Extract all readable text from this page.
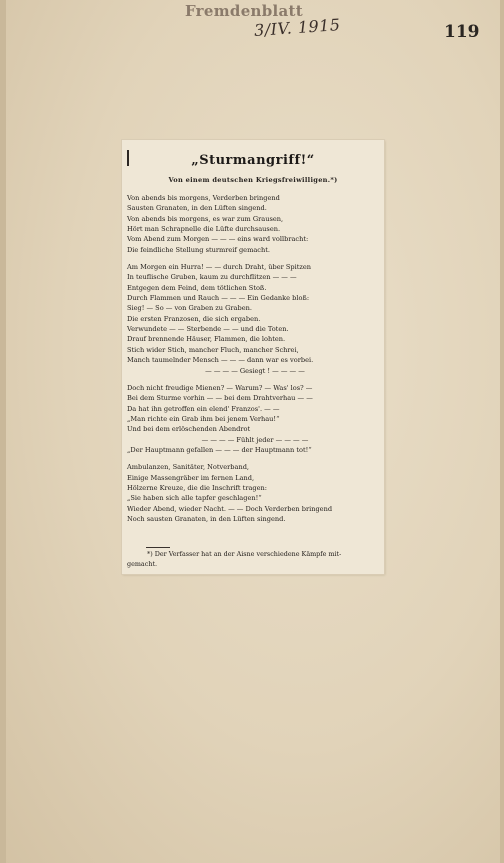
Fremdenblatt
3/IV. 1915	119
„Sturmangriff!“
Von einem deutschen Kriegsfreiwilligen.*)
Von abends bis morgens, Verderben bringend
Sausten Granaten, in den Lüften singend.
Von abends bis morgens, es war zum Grausen,
Hört man Schrapnelle die Lüfte durchsausen.
Vom Abend zum Morgen — — — eins ward vollbracht:
Die feindliche Stellung sturmreif gemacht.
Am Morgen ein Hurra! — — durch Draht, über Spitzen
In teuflische Gruben, kaum zu durchflitzen — — —
Entgegen dem Feind, dem tötlichen Stoß.
Durch Flammen und Rauch — — — Ein Gedanke bloß:
Sieg! — So — von Graben zu Graben.
Die ersten Franzosen, die sich ergaben.
Verwundete — — Sterbende — — und die Toten.
Drauf brennende Häuser, Flammen, die lohten.
Stich wider Stich, mancher Fluch, mancher Schrei,
Manch taumelnder Mensch — — — dann war es vorbei.
— — — — Gesiegt ! — — — —
Doch nicht freudige Mienen? — Warum? — Was' los? —
Bei dem Sturme vorhin — — bei dem Drahtverhau — —
Da hat ihn getroffen ein elend' Franzos'. — —
„Man richte ein Grab ihm bei jenem Verhau!“
Und bei dem erlöschenden Abendrot
— — — — Fühlt jeder — — — —
„Der Hauptmann gefallen — — — der Hauptmann tot!“
Ambulanzen, Sanitäter, Notverband,
Einige Massengräber im fernen Land,
Hölzerne Kreuze, die die Inschrift tragen:
„Sie haben sich alle tapfer geschlagen!“
Wieder Abend, wieder Nacht. — — Doch Verderben bringend
Noch sausten Granaten, in den Lüften singend.
*) Der Verfasser hat an der Aisne verschiedene Kämpfe mit-
gemacht.
